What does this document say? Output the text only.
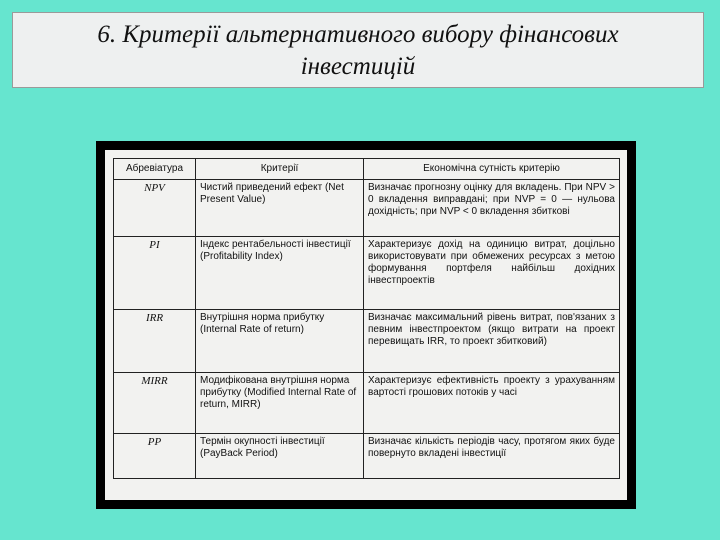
6. Критерії альтернативного вибору фінансових
інвестицій
Абревіатура	Критерії	Економічна сутність критерію
NPV	Чистий приведений ефект (Net Present Value)	Визначає прогнозну оцінку для вкладень. При NPV > 0 вкладення виправдані; при NVP = 0 — нульова дохідність; при NVP < 0 вкладення збиткові
PI	Індекс рентабельності інвестиції (Profitability Index)	Характеризує дохід на одиницю витрат, доцільно використовувати при обмежених ресурсах з метою формування портфеля найбільш дохідних інвестпроектів
IRR	Внутрішня норма прибутку (Internal Rate of return)	Визначає максимальний рівень витрат, пов'язаних з певним інвестпроектом (якщо витрати на проект перевищать IRR, то проект збитковий)
MIRR	Модифікована внутрішня норма прибутку (Modified Internal Rate of return, MIRR)	Характеризує ефективність проекту з урахуванням вартості грошових потоків у часі
PP	Термін окупності інвестиції (PayBack Period)	Визначає кількість періодів часу, протягом яких буде повернуто вкладені інвестиції
